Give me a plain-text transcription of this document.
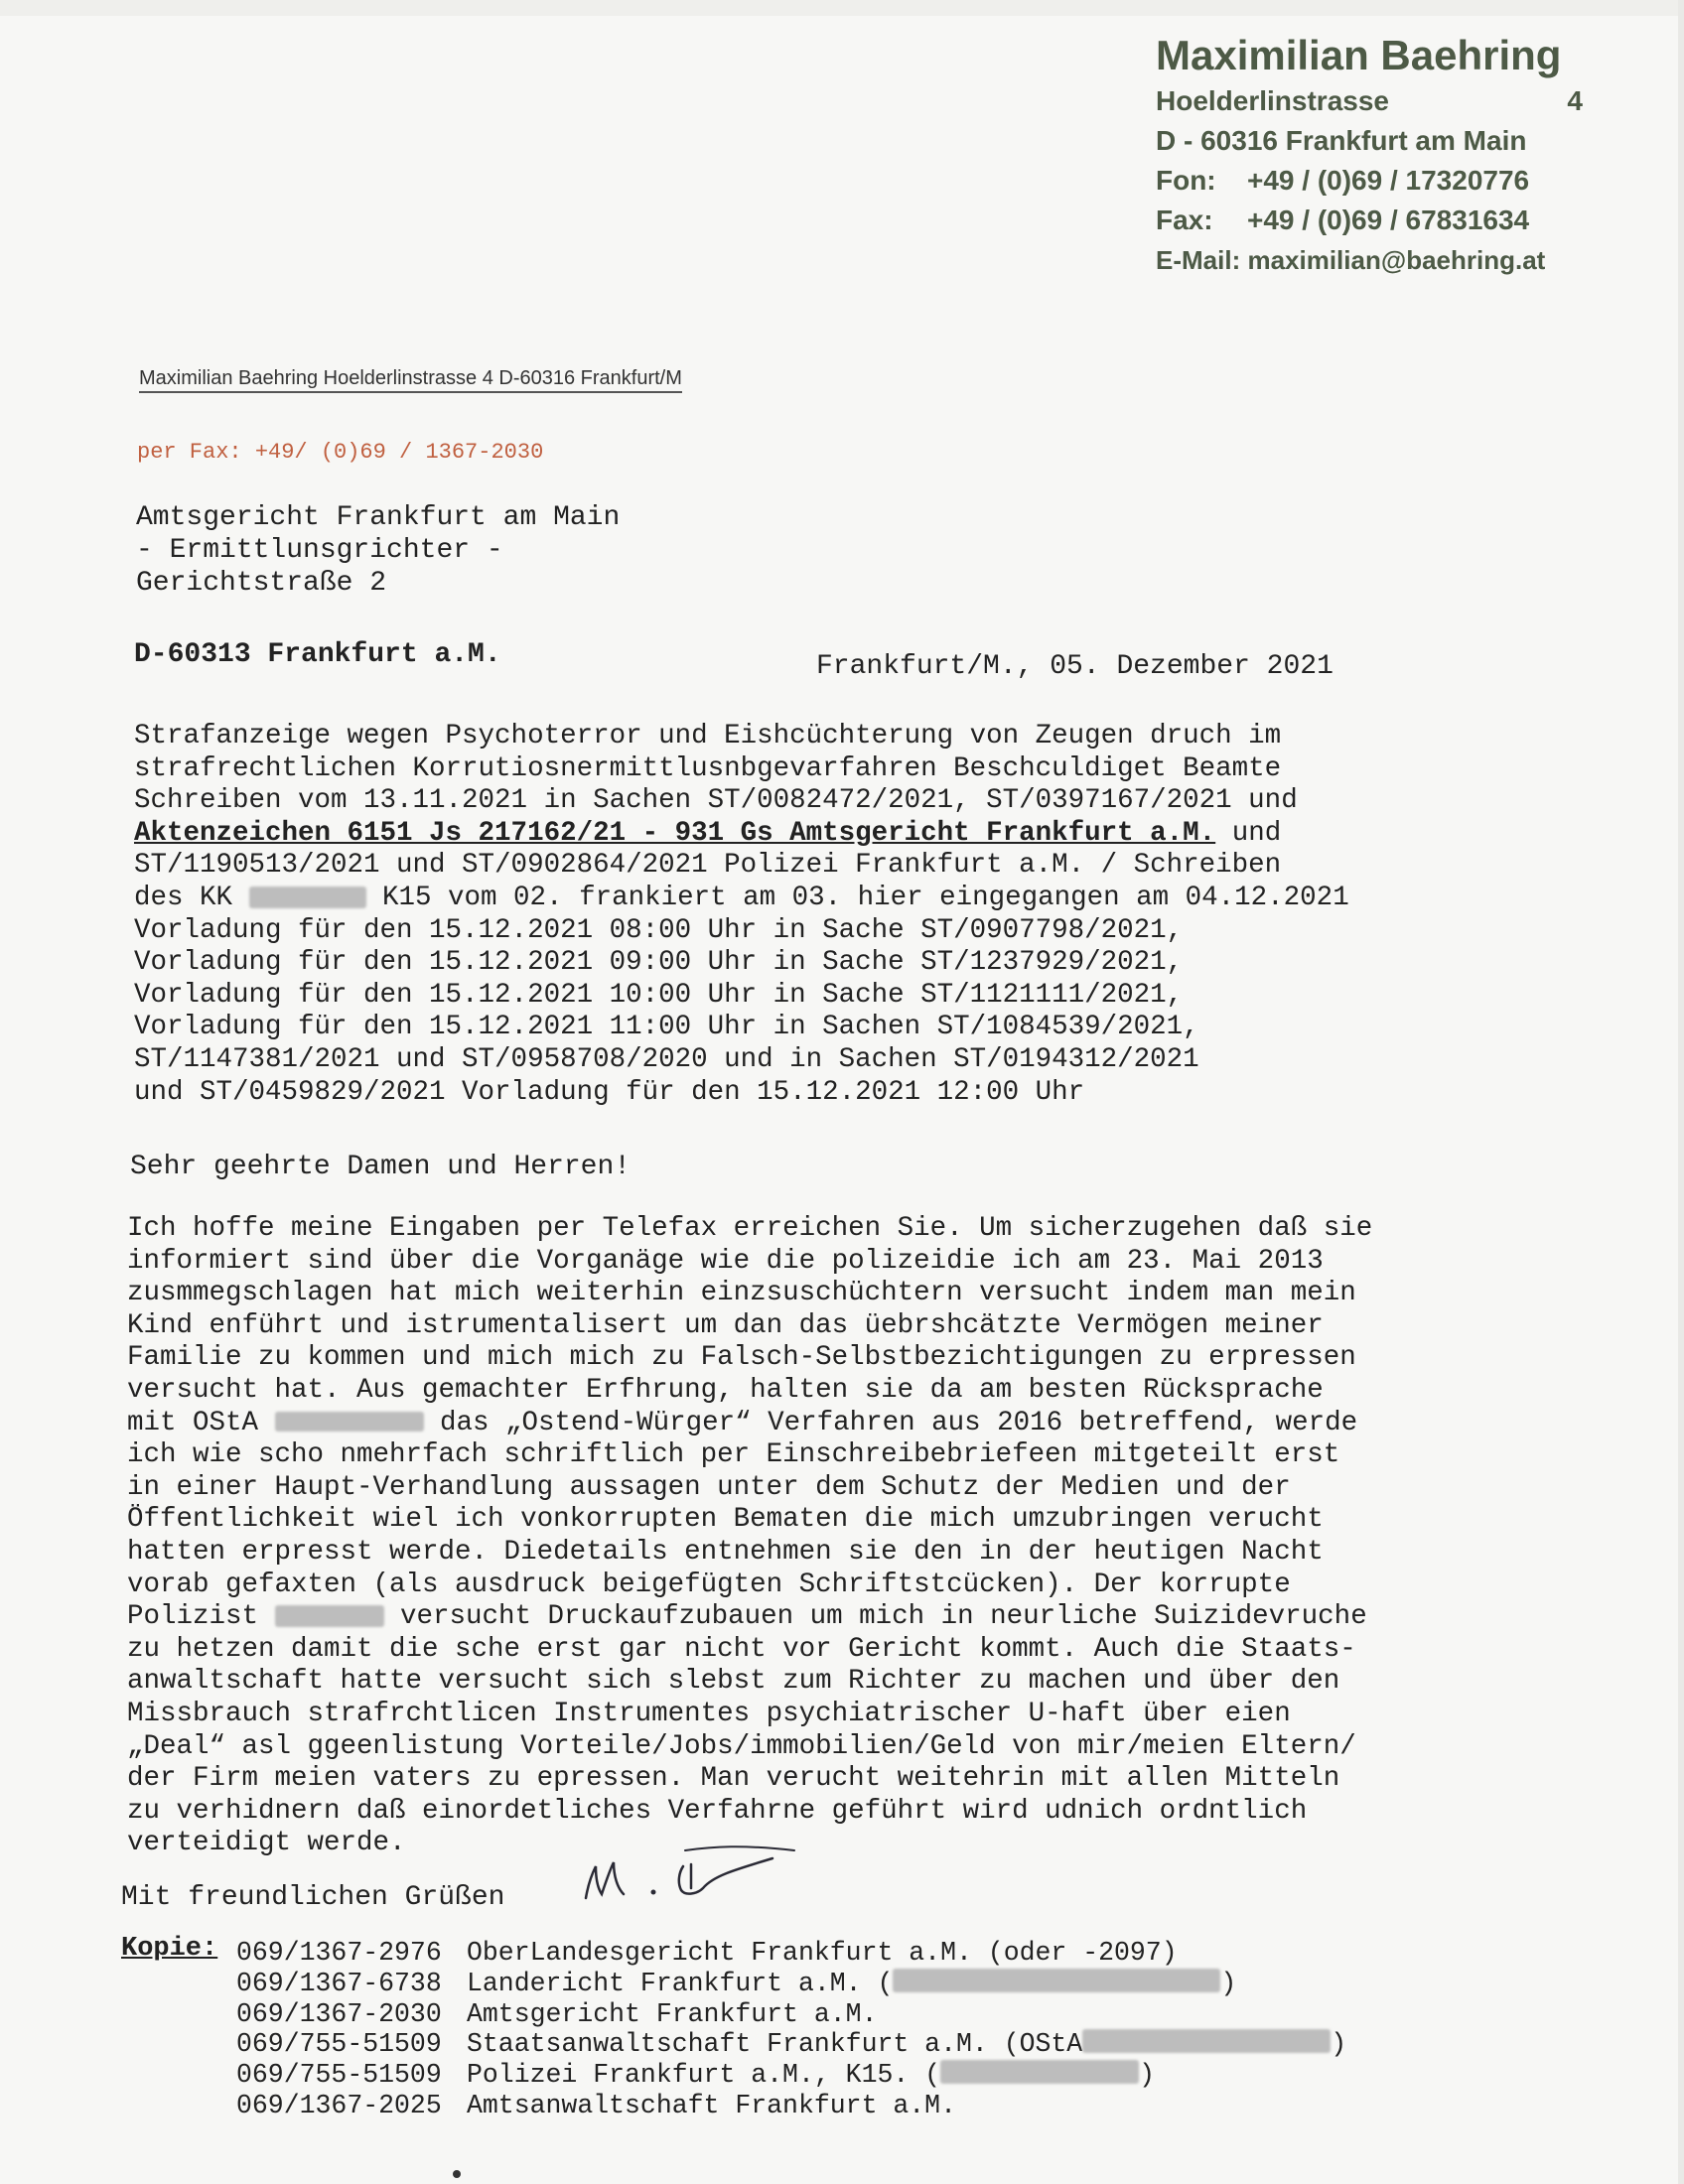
Maximilian Baehring
Hoelderlinstrasse	4
D - 60316 Frankfurt am Main
Fon:	+49 / (0)69 / 17320776
Fax:	+49 / (0)69 / 67831634
E-Mail: maximilian@baehring.at
Maximilian Baehring Hoelderlinstrasse 4 D-60316 Frankfurt/M
per Fax: +49/ (0)69 / 1367-2030
Amtsgericht Frankfurt am Main
- Ermittlunsgrichter -
Gerichtstraße 2
D-60313 Frankfurt a.M.	Frankfurt/M., 05. Dezember 2021
Strafanzeige wegen Psychoterror und Eishcüchterung von Zeugen druch im
strafrechtlichen Korrutiosnermittlusnbgevarfahren Beschculdiget Beamte
Schreiben vom 13.11.2021 in Sachen ST/0082472/2021, ST/0397167/2021 und
Aktenzeichen 6151 Js 217162/21 - 931 Gs Amtsgericht Frankfurt a.M. und
ST/1190513/2021 und ST/0902864/2021 Polizei Frankfurt a.M. / Schreiben
des KK	K15 vom 02. frankiert am 03. hier eingegangen am 04.12.2021
Vorladung für den 15.12.2021 08:00 Uhr in Sache ST/0907798/2021,
Vorladung für den 15.12.2021 09:00 Uhr in Sache ST/1237929/2021,
Vorladung für den 15.12.2021 10:00 Uhr in Sache ST/1121111/2021,
Vorladung für den 15.12.2021 11:00 Uhr in Sachen ST/1084539/2021,
ST/1147381/2021 und ST/0958708/2020 und in Sachen ST/0194312/2021
und ST/0459829/2021 Vorladung für den 15.12.2021 12:00 Uhr
Sehr geehrte Damen und Herren!
Ich hoffe meine Eingaben per Telefax erreichen Sie. Um sicherzugehen daß sie
informiert sind über die Vorganäge wie die polizeidie ich am 23. Mai 2013
zusmmegschlagen hat mich weiterhin einzsuschüchtern versucht indem man mein
Kind enführt und istrumentalisert um dan das üebrshcätzte Vermögen meiner
Familie zu kommen und mich mich zu Falsch-Selbstbezichtigungen zu erpressen
versucht hat. Aus gemachter Erfhrung, halten sie da am besten Rücksprache
mit OStA	das „Ostend-Würger“ Verfahren aus 2016 betreffend, werde
ich wie scho nmehrfach schriftlich per Einschreibebriefeen mitgeteilt erst
in einer Haupt-Verhandlung aussagen unter dem Schutz der Medien und der
Öffentlichkeit wiel ich vonkorrupten Bematen die mich umzubringen verucht
hatten erpresst werde. Diedetails entnehmen sie den in der heutigen Nacht
vorab gefaxten (als ausdruck beigefügten Schriftstcücken). Der korrupte
Polizist	versucht Druckaufzubauen um mich in neurliche Suizidevruche
zu hetzen damit die sche erst gar nicht vor Gericht kommt. Auch die Staats-
anwaltschaft hatte versucht sich slebst zum Richter zu machen und über den
Missbrauch strafrchtlicen Instrumentes psychiatrischer U-haft über eien
„Deal“ asl ggeenlistung Vorteile/Jobs/immobilien/Geld von mir/meien Eltern/
der Firm meien vaters zu epressen. Man verucht weitehrin mit allen Mitteln
zu verhidnern daß einordetliches Verfahrne geführt wird udnich ordntlich
verteidigt werde.
Mit freundlichen Grüßen
Kopie: 069/1367-2976 OberLandesgericht Frankfurt a.M. (oder -2097)
069/1367-6738 Landericht Frankfurt a.M. (	)
069/1367-2030 Amtsgericht Frankfurt a.M.
069/755-51509 Staatsanwaltschaft Frankfurt a.M. (OStA	)
069/755-51509 Polizei Frankfurt a.M., K15. (	)
069/1367-2025 Amtsanwaltschaft Frankfurt a.M.
